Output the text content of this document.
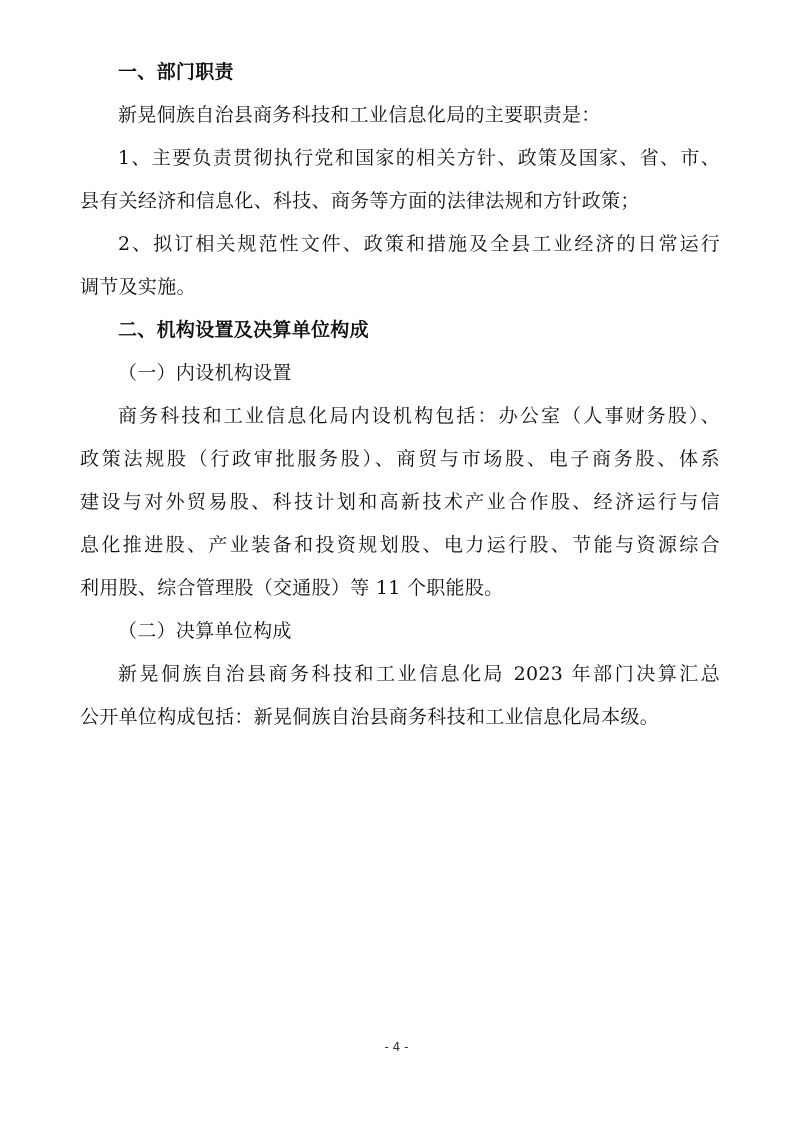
一、部门职责
新晃侗族自治县商务科技和工业信息化局的主要职责是：
1、主要负责贯彻执行党和国家的相关方针、政策及国家、省、市、
县有关经济和信息化、科技、商务等方面的法律法规和方针政策；
2、拟订相关规范性文件、政策和措施及全县工业经济的日常运行
调节及实施。
二、机构设置及决算单位构成
（一）内设机构设置
商务科技和工业信息化局内设机构包括：办公室（人事财务股）、
政策法规股（行政审批服务股）、商贸与市场股、电子商务股、体系
建设与对外贸易股、科技计划和高新技术产业合作股、经济运行与信
息化推进股、产业装备和投资规划股、电力运行股、节能与资源综合
利用股、综合管理股（交通股）等 11 个职能股。
（二）决算单位构成
新晃侗族自治县商务科技和工业信息化局 2023 年部门决算汇总
公开单位构成包括：新晃侗族自治县商务科技和工业信息化局本级。
- 4 -
